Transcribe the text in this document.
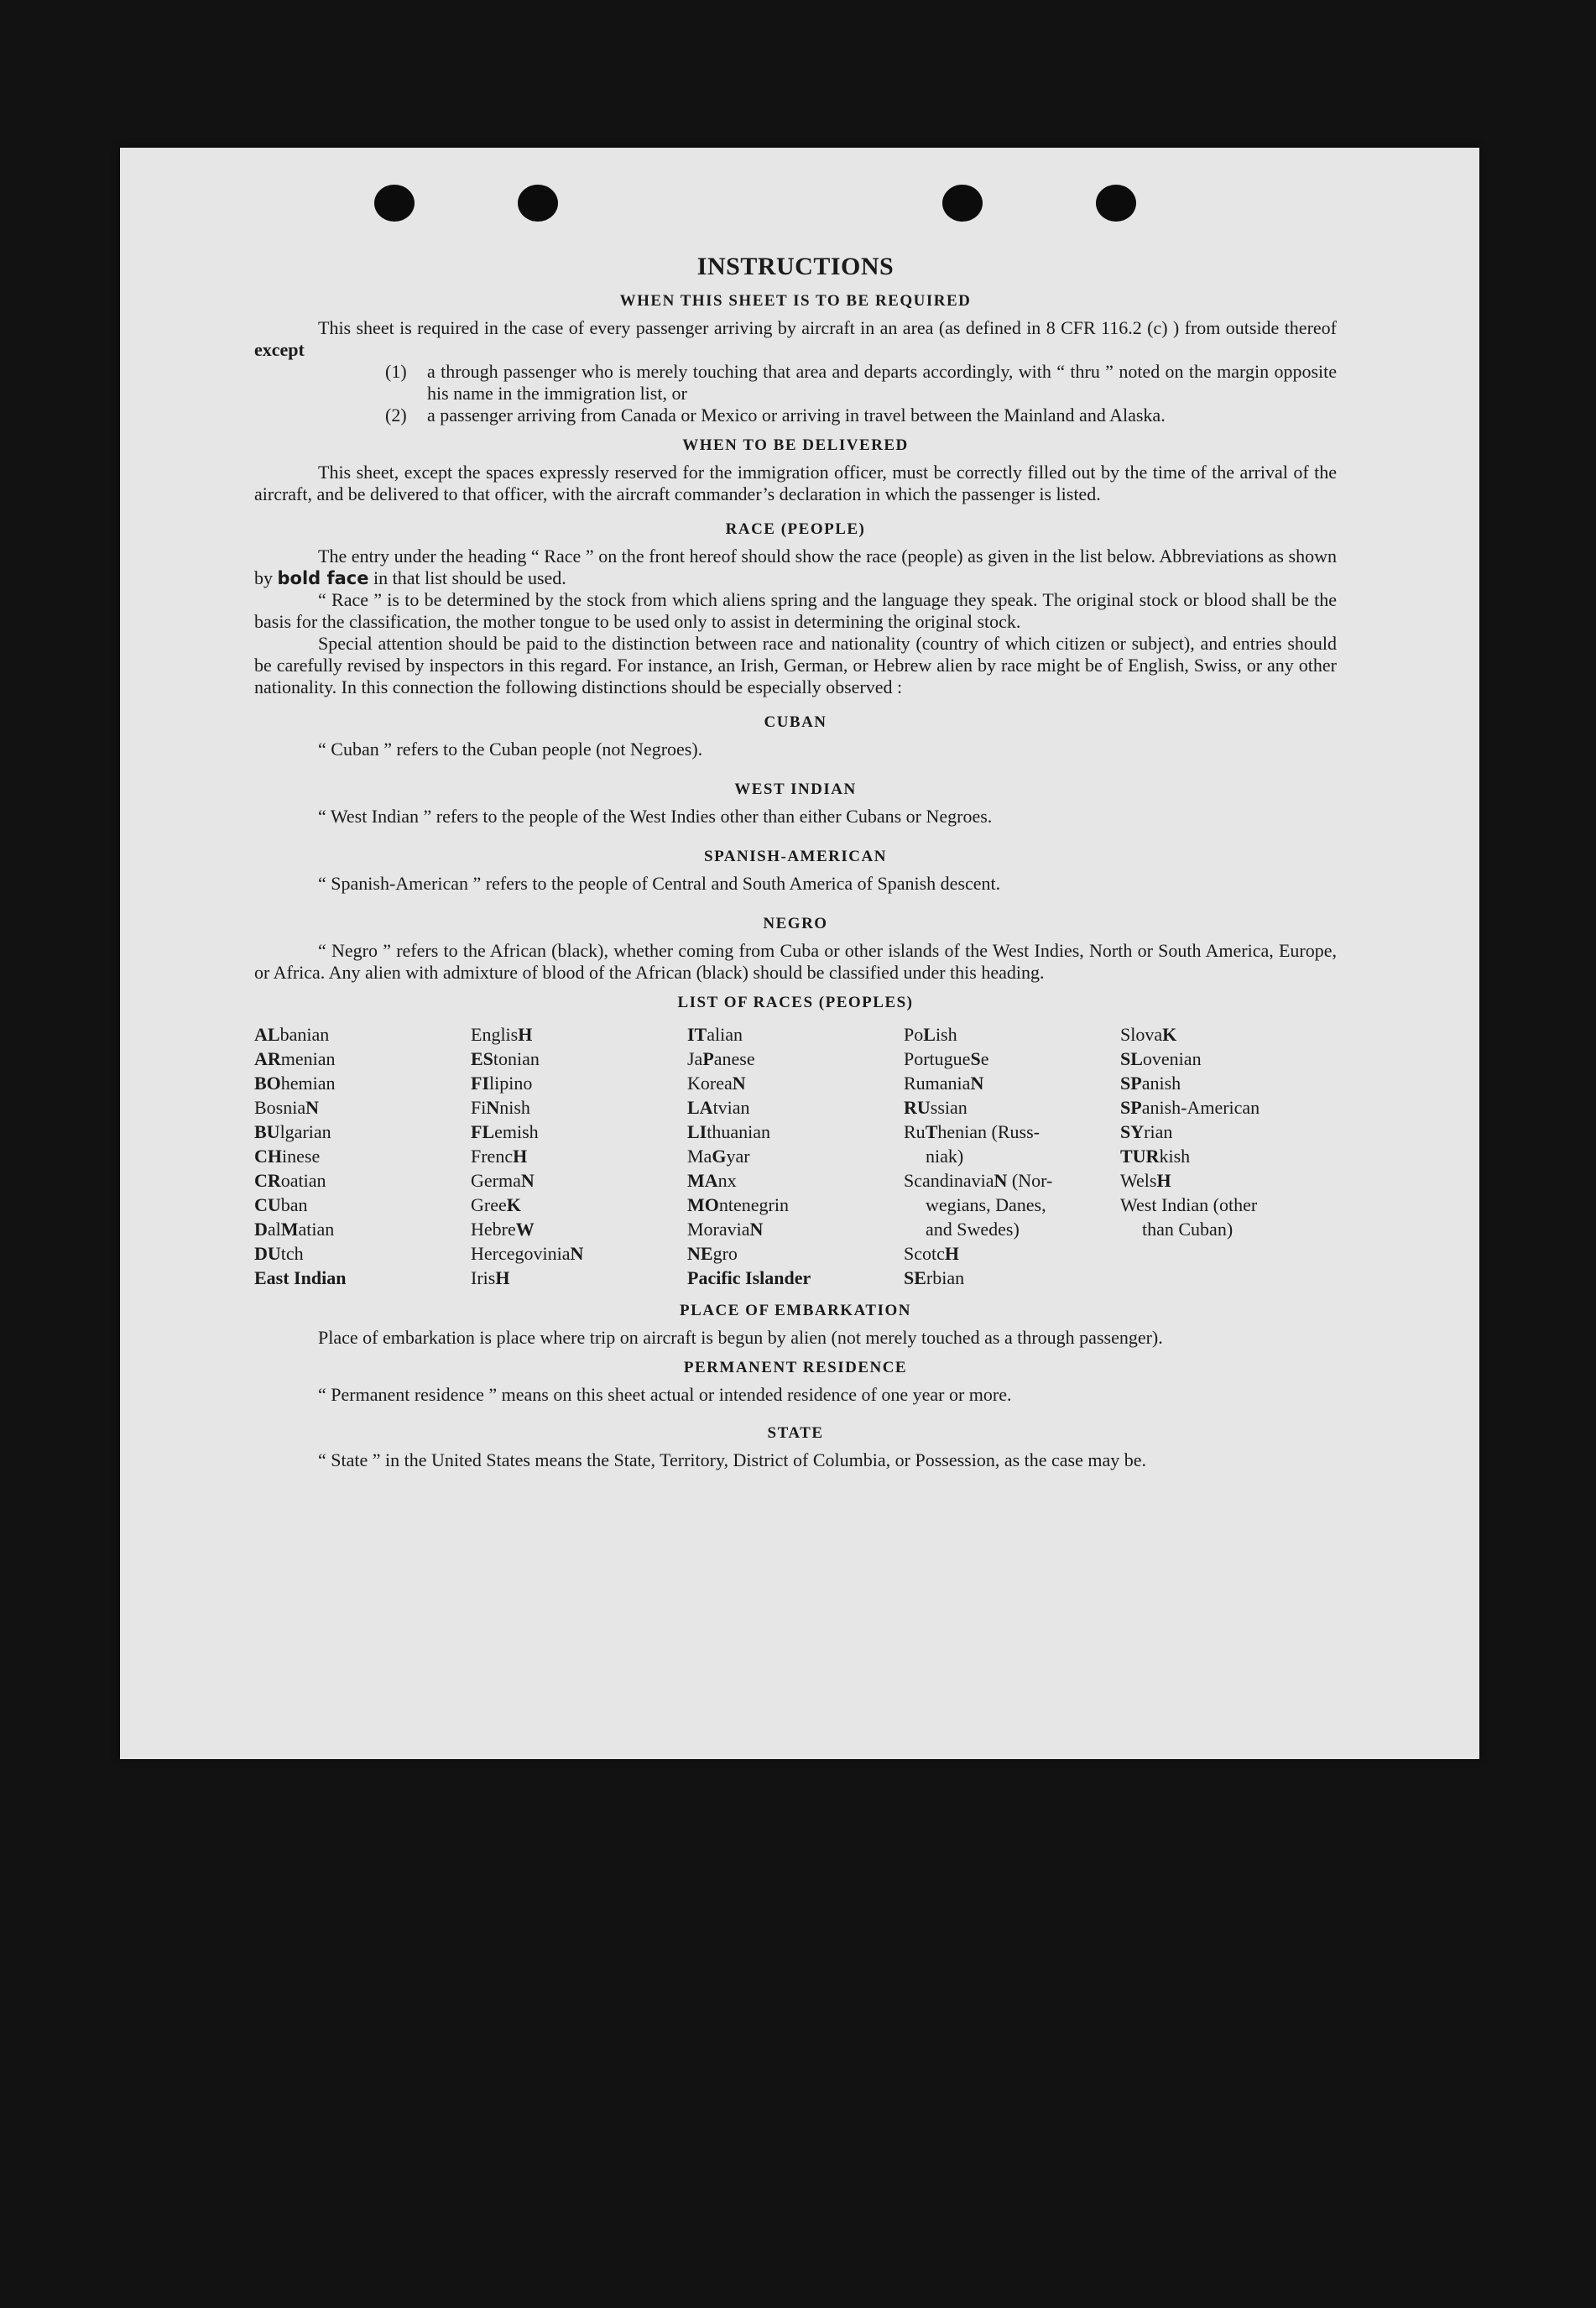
INSTRUCTIONS
WHEN THIS SHEET IS TO BE REQUIRED

This sheet is required in the case of every passenger arriving by aircraft in an area (as defined in 8 CFR 116.2 (c) ) from outside thereof except

(1)	a through passenger who is merely touching that area and departs accordingly, with “ thru ” noted on the margin opposite his name in the immigration list, or
(2)	a passenger arriving from Canada or Mexico or arriving in travel between the Mainland and Alaska.
WHEN TO BE DELIVERED

This sheet, except the spaces expressly reserved for the immigration officer, must be correctly filled out by the time of the arrival of the aircraft, and be delivered to that officer, with the aircraft commander’s declaration in which the passenger is listed.

RACE (PEOPLE)

The entry under the heading “ Race ” on the front hereof should show the race (people) as given in the list below. Abbreviations as shown by bold face in that list should be used.

“ Race ” is to be determined by the stock from which aliens spring and the language they speak. The original stock or blood shall be the basis for the classification, the mother tongue to be used only to assist in determining the original stock.

Special attention should be paid to the distinction between race and nationality (country of which citizen or subject), and entries should be carefully revised by inspectors in this regard. For instance, an Irish, German, or Hebrew alien by race might be of English, Swiss, or any other nationality. In this connection the following distinctions should be especially observed :

CUBAN

“ Cuban ” refers to the Cuban people (not Negroes).

WEST INDIAN

“ West Indian ” refers to the people of the West Indies other than either Cubans or Negroes.

SPANISH-AMERICAN

“ Spanish-American ” refers to the people of Central and South America of Spanish descent.

NEGRO

“ Negro ” refers to the African (black), whether coming from Cuba or other islands of the West Indies, North or South America, Europe, or Africa. Any alien with admixture of blood of the African (black) should be classified under this heading.

LIST OF RACES (PEOPLES)
ALbanian
ARmenian
BOhemian
BosniaN
BUlgarian
CHinese
CRoatian
CUban
DalMatian
DUtch
East Indian
EnglisH
EStonian
FIlipino
FiNnish
FLemish
FrencH
GermaN
GreeK
HebreW
HercegoviniaN
IrisH
ITalian
JaPanese
KoreaN
LAtvian
LIthuanian
MaGyar
MAnx
MOntenegrin
MoraviaN
NEgro
Pacific Islander
PoLish
PortugueSe
RumaniaN
RUssian
RuThenian (Russ-
niak)
ScandinaviaN (Nor-
wegians, Danes,
and Swedes)
ScotcH
SErbian
SlovaK
SLovenian
SPanish
SPanish-American
SYrian
TURkish
WelsH
West Indian (other
than Cuban)
PLACE OF EMBARKATION

Place of embarkation is place where trip on aircraft is begun by alien (not merely touched as a through passenger).

PERMANENT RESIDENCE

“ Permanent residence ” means on this sheet actual or intended residence of one year or more.

STATE

“ State ” in the United States means the State, Territory, District of Columbia, or Possession, as the case may be.
